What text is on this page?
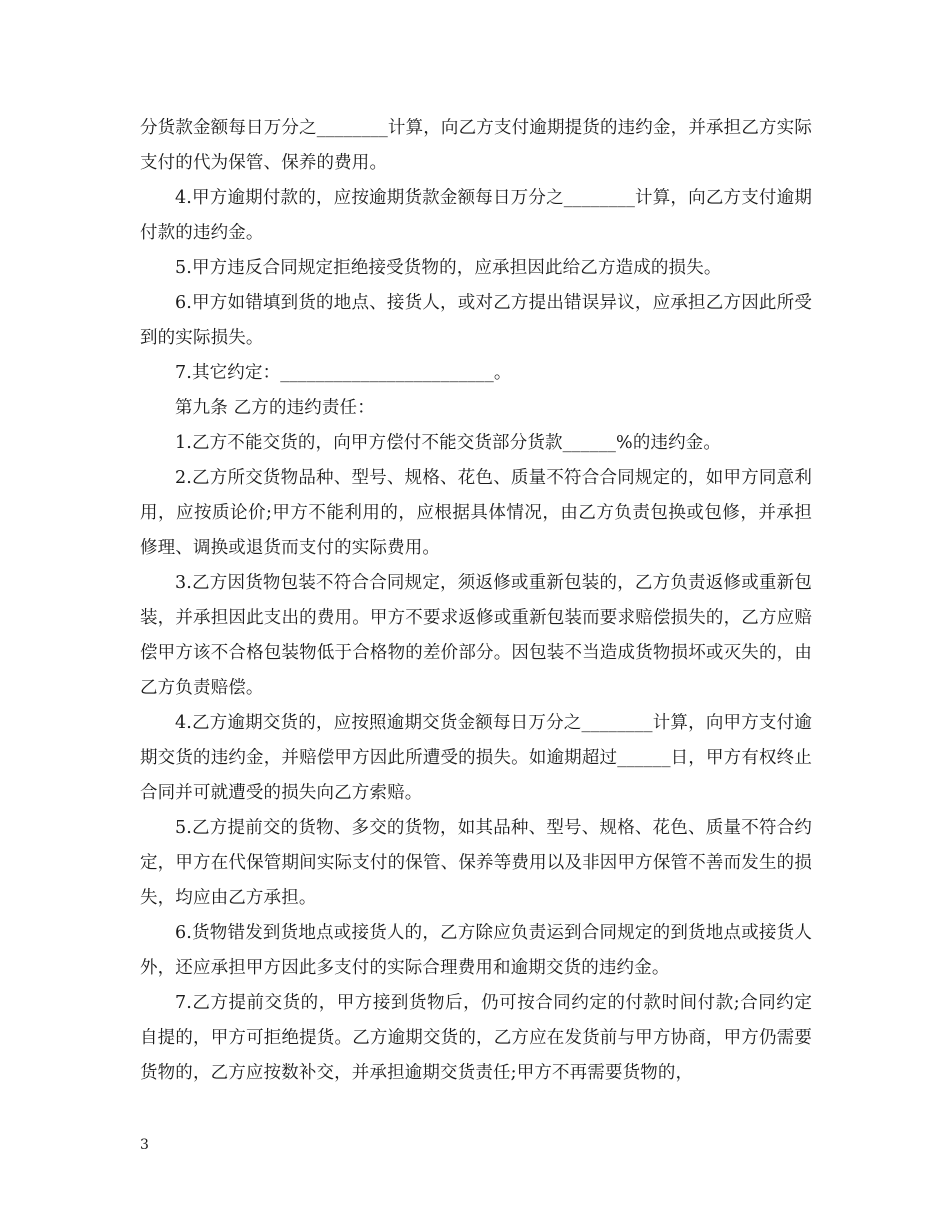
分货款金额每日万分之________计算，向乙方支付逾期提货的违约金，并承担乙方实际支付的代为保管、保养的费用。

4.甲方逾期付款的，应按逾期货款金额每日万分之________计算，向乙方支付逾期付款的违约金。

5.甲方违反合同规定拒绝接受货物的，应承担因此给乙方造成的损失。

6.甲方如错填到货的地点、接货人，或对乙方提出错误异议，应承担乙方因此所受到的实际损失。

7.其它约定：________________________。

第九条 乙方的违约责任：

1.乙方不能交货的，向甲方偿付不能交货部分货款______%的违约金。

2.乙方所交货物品种、型号、规格、花色、质量不符合合同规定的，如甲方同意利用，应按质论价;甲方不能利用的，应根据具体情况，由乙方负责包换或包修，并承担修理、调换或退货而支付的实际费用。

3.乙方因货物包装不符合合同规定，须返修或重新包装的，乙方负责返修或重新包装，并承担因此支出的费用。甲方不要求返修或重新包装而要求赔偿损失的，乙方应赔偿甲方该不合格包装物低于合格物的差价部分。因包装不当造成货物损坏或灭失的，由乙方负责赔偿。

4.乙方逾期交货的，应按照逾期交货金额每日万分之________计算，向甲方支付逾期交货的违约金，并赔偿甲方因此所遭受的损失。如逾期超过______日，甲方有权终止合同并可就遭受的损失向乙方索赔。

5.乙方提前交的货物、多交的货物，如其品种、型号、规格、花色、质量不符合约定，甲方在代保管期间实际支付的保管、保养等费用以及非因甲方保管不善而发生的损失，均应由乙方承担。

6.货物错发到货地点或接货人的，乙方除应负责运到合同规定的到货地点或接货人外，还应承担甲方因此多支付的实际合理费用和逾期交货的违约金。

7.乙方提前交货的，甲方接到货物后，仍可按合同约定的付款时间付款;合同约定自提的，甲方可拒绝提货。乙方逾期交货的，乙方应在发货前与甲方协商，甲方仍需要货物的，乙方应按数补交，并承担逾期交货责任;甲方不再需要货物的，

3
